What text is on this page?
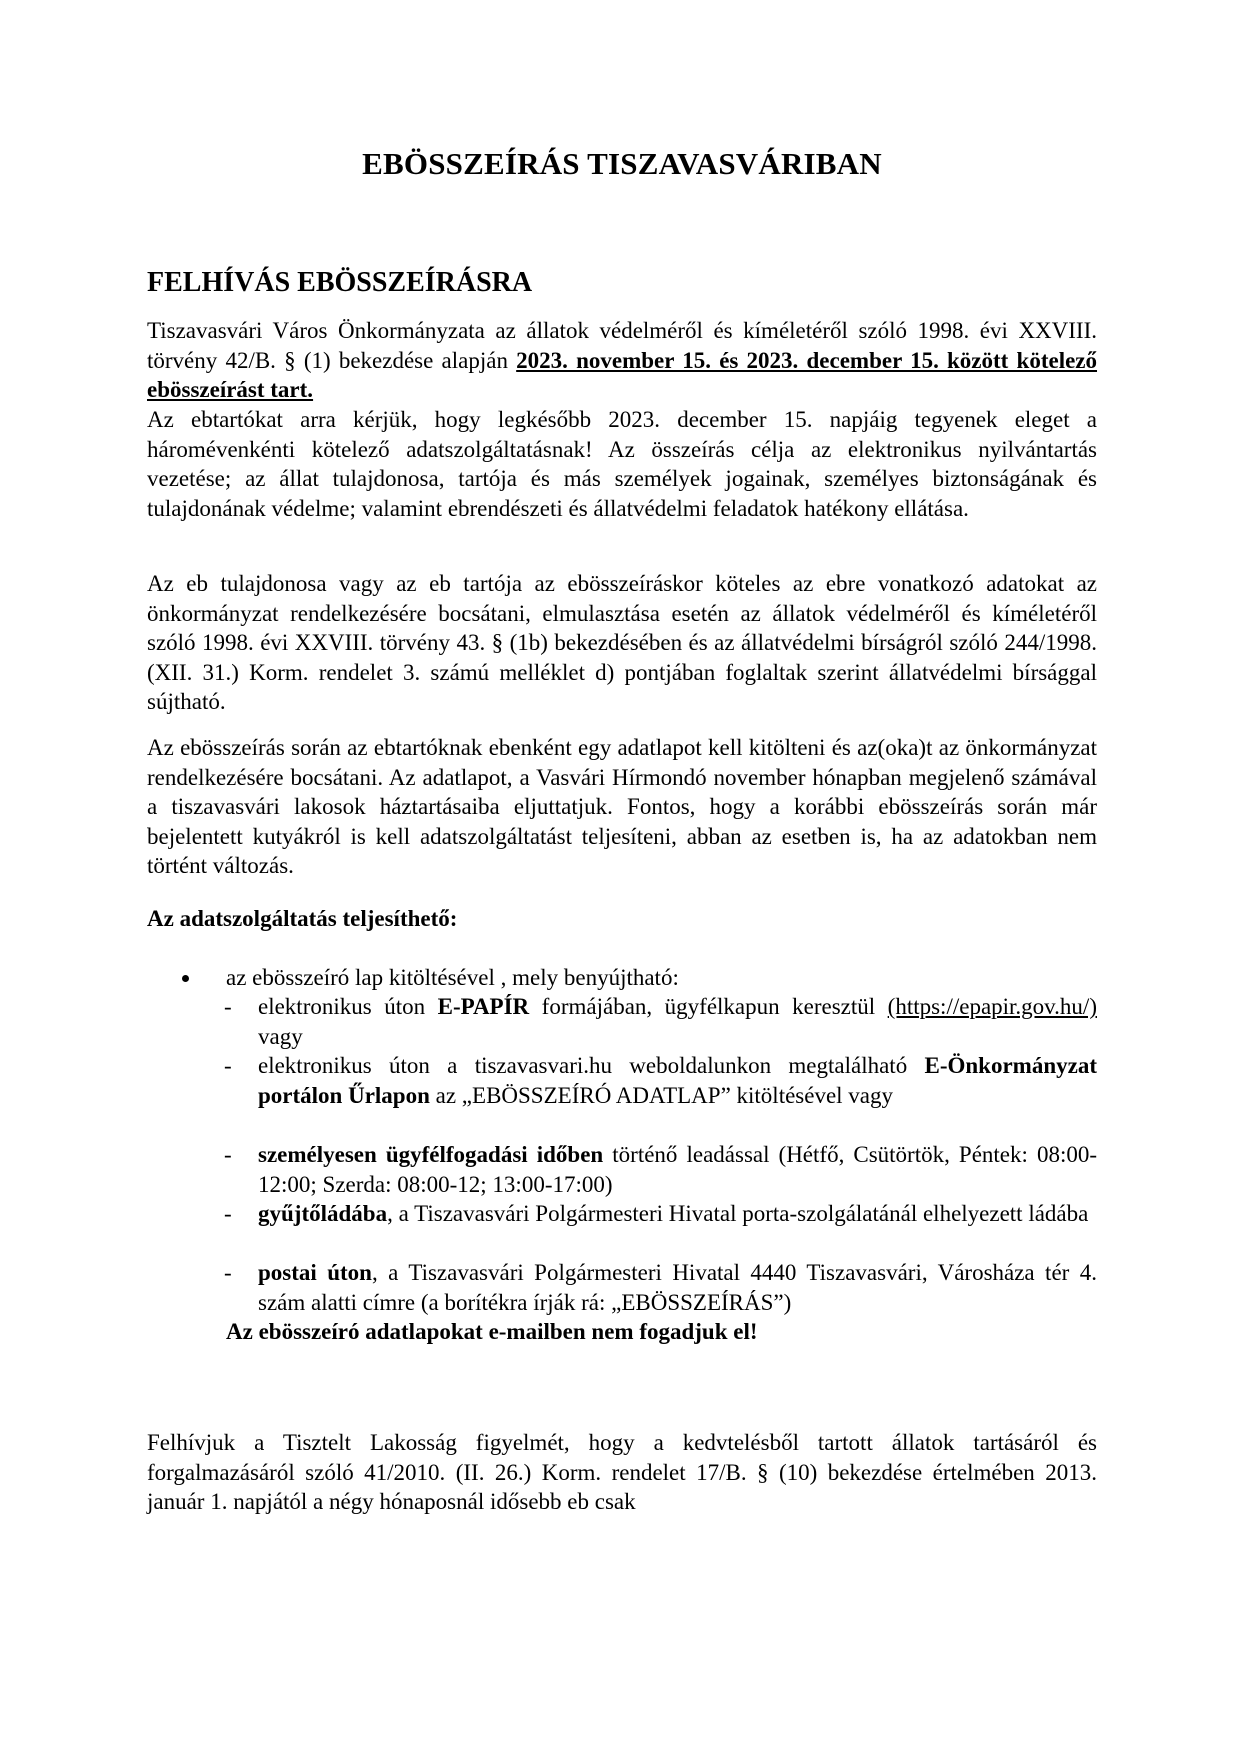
EBÖSSZEÍRÁS TISZAVASVÁRIBAN
FELHÍVÁS EBÖSSZEÍRÁSRA

Tiszavasvári Város Önkormányzata az állatok védelméről és kíméletéről szóló 1998. évi XXVIII. törvény 42/B. § (1) bekezdése alapján 2023. november 15. és 2023. december 15. között kötelező ebösszeírást tart.

Az ebtartókat arra kérjük, hogy legkésőbb 2023. december 15. napjáig tegyenek eleget a háromévenkénti kötelező adatszolgáltatásnak! Az összeírás célja az elektronikus nyilvántartás vezetése; az állat tulajdonosa, tartója és más személyek jogainak, személyes biztonságának és tulajdonának védelme; valamint ebrendészeti és állatvédelmi feladatok hatékony ellátása.

Az eb tulajdonosa vagy az eb tartója az ebösszeíráskor köteles az ebre vonatkozó adatokat az önkormányzat rendelkezésére bocsátani, elmulasztása esetén az állatok védelméről és kíméletéről szóló 1998. évi XXVIII. törvény 43. § (1b) bekezdésében és az állatvédelmi bírságról szóló 244/1998. (XII. 31.) Korm. rendelet 3. számú melléklet d) pontjában foglaltak szerint állatvédelmi bírsággal sújtható.

Az ebösszeírás során az ebtartóknak ebenként egy adatlapot kell kitölteni és az(oka)t az önkormányzat rendelkezésére bocsátani. Az adatlapot, a Vasvári Hírmondó november hónapban megjelenő számával a tiszavasvári lakosok háztartásaiba eljuttatjuk. Fontos, hogy a korábbi ebösszeírás során már bejelentett kutyákról is kell adatszolgáltatást teljesíteni, abban az esetben is, ha az adatokban nem történt változás.

Az adatszolgáltatás teljesíthető:

az ebösszeíró lap kitöltésével , mely benyújtható:
- elektronikus úton E-PAPÍR formájában, ügyfélkapun keresztül (https://epapir.gov.hu/) vagy
- elektronikus úton a tiszavasvari.hu weboldalunkon megtalálható E-Önkormányzat portálon Űrlapon az „EBÖSSZEÍRÓ ADATLAP” kitöltésével vagy
- személyesen ügyfélfogadási időben történő leadással (Hétfő, Csütörtök, Péntek: 08:00-12:00; Szerda: 08:00-12; 13:00-17:00)
- gyűjtőládába, a Tiszavasvári Polgármesteri Hivatal porta-szolgálatánál elhelyezett ládába
- postai úton, a Tiszavasvári Polgármesteri Hivatal 4440 Tiszavasvári, Városháza tér 4. szám alatti címre (a borítékra írják rá: „EBÖSSZEÍRÁS”)
Az ebösszeíró adatlapokat e-mailben nem fogadjuk el!

Felhívjuk a Tisztelt Lakosság figyelmét, hogy a kedvtelésből tartott állatok tartásáról és forgalmazásáról szóló 41/2010. (II. 26.) Korm. rendelet 17/B. § (10) bekezdése értelmében 2013. január 1. napjától a négy hónaposnál idősebb eb csak
